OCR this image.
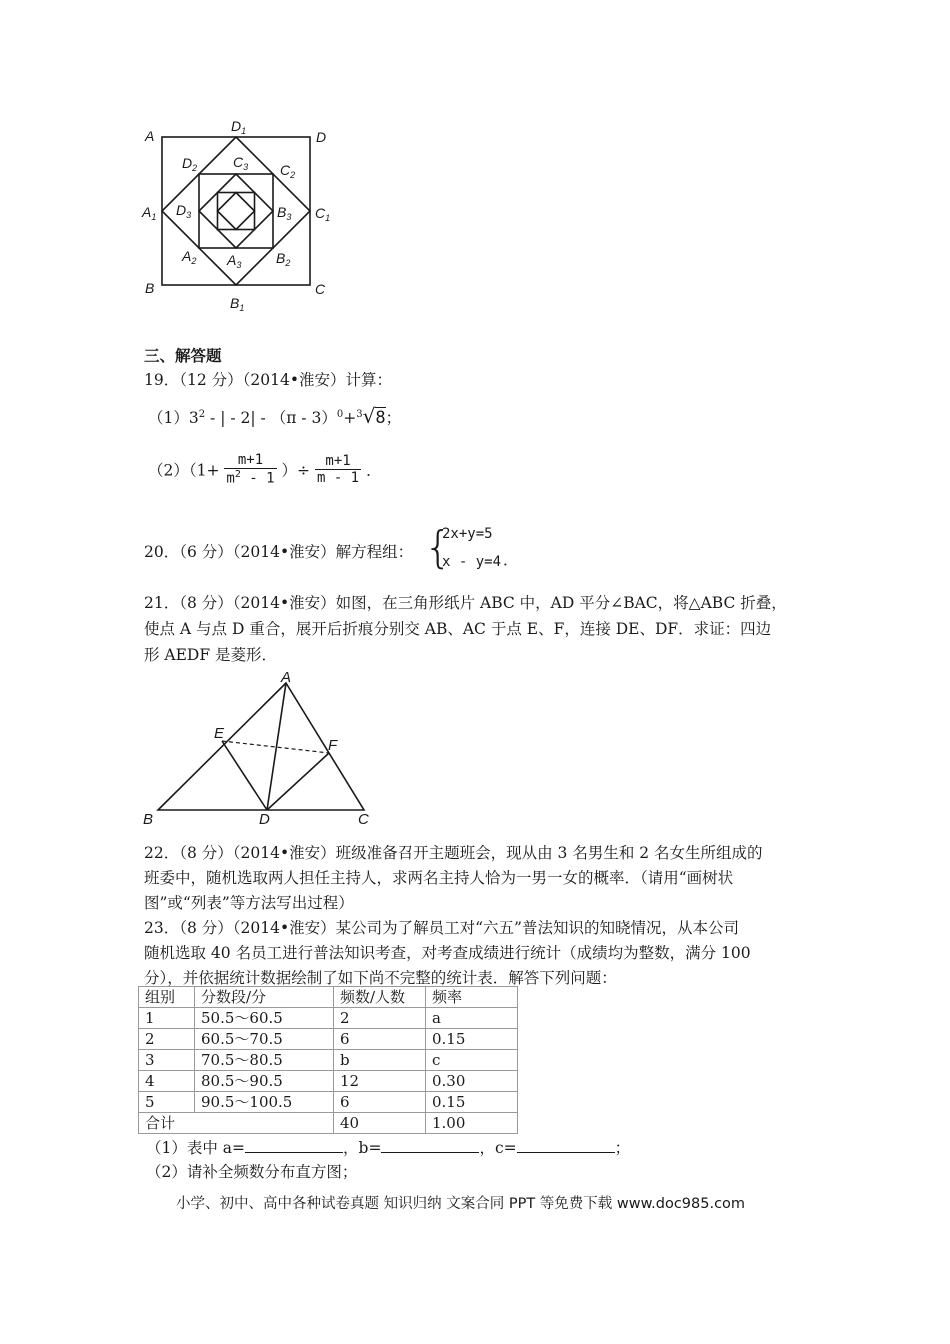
A
$D_1$	D
$D_2$	$C_3$ $C_2$
$A_1$ $D_3$	$B_3$ $C_1$
$A_2$ $A_3$ $B_2$
B
$B_1$
C
三、解答题
19．（12 分）（2014•淮安）计算：
$(1)3^2$ - | - 2| - （π - 3）$^0$+$^3$√8；
$(2)(1+ \frac{m+1}{m^2 - 1}$ ）÷ $\frac{m+1}{m - 1}$ ．
20．（6 分）（2014•淮安）解方程组： {
2x+y=5
x - y=4 ．
21．（8 分）（2014•淮安）如图，在三角形纸片 ABC 中，AD 平分∠BAC，将△ABC 折叠，
使点 A 与点 D 重合，展开后折痕分别交 AB、AC 于点 E、F，连接 DE、DF．求证：四边
形 AEDF 是菱形．
A
E
F
B	D	C
22．（8 分）（2014•淮安）班级准备召开主题班会，现从由 3 名男生和 2 名女生所组成的
班委中，随机选取两人担任主持人，求两名主持人恰为一男一女的概率．（请用“画树状
图”或“列表”等方法写出过程）
23．（8 分）（2014•淮安）某公司为了解员工对“六五”普法知识的知晓情况，从本公司
随机选取 40 名员工进行普法知识考查，对考查成绩进行统计（成绩均为整数，满分 100
分），并依据统计数据绘制了如下尚不完整的统计表．解答下列问题：
组别	分数段/分	频数/人数	频率
1	50.5～60.5	2	a
2	60.5～70.5	6	0.15
3	70.5～80.5	b	c
4	80.5～90.5	12	0.30
5	90.5～100.5	6	0.15
合计		40	1.00
（1）表中 a=	，b=	，c=	；
（2）请补全频数分布直方图；
小学、初中、高中各种试卷真题 知识归纳 文案合同 PPT 等免费下载 www.doc985.com
